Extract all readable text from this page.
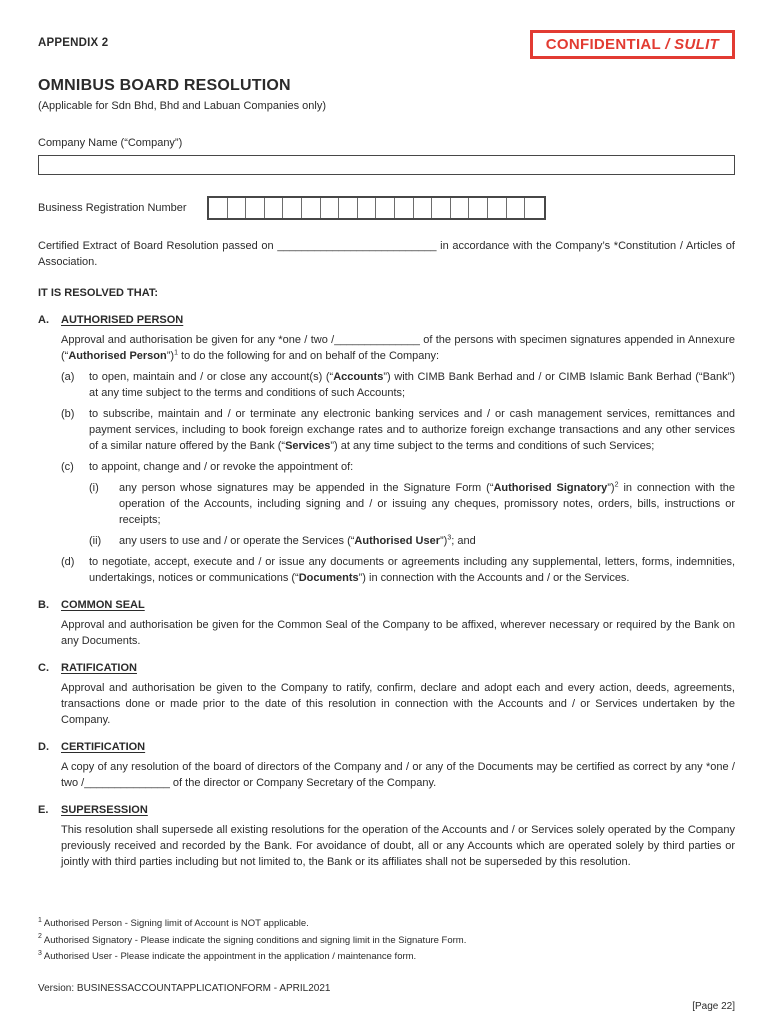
APPENDIX 2	CONFIDENTIAL / SULIT
OMNIBUS BOARD RESOLUTION
(Applicable for Sdn Bhd, Bhd and Labuan Companies only)
Company Name (“Company”)
Business Registration Number

Certified Extract of Board Resolution passed on __________________________ in accordance with the Company’s *Constitution / Articles of Association.

IT IS RESOLVED THAT:
A. AUTHORISED PERSON

Approval and authorisation be given for any *one / two /______________ of the persons with specimen signatures appended in Annexure (“Authorised Person”)$^1$ to do the following for and on behalf of the Company:

(a)	to open, maintain and / or close any account(s) (“Accounts”) with CIMB Bank Berhad and / or CIMB Islamic Bank Berhad (“Bank”) at any time subject to the terms and conditions of such Accounts;

(b)	to subscribe, maintain and / or terminate any electronic banking services and / or cash management services, remittances and payment services, including to book foreign exchange rates and to authorize foreign exchange transactions and any other services of a similar nature offered by the Bank (“Services”) at any time subject to the terms and conditions of such Services;

(c)	to appoint, change and / or revoke the appointment of:

(i)	any person whose signatures may be appended in the Signature Form (“Authorised Signatory”)$^2$ in connection with the operation of the Accounts, including signing and / or issuing any cheques, promissory notes, orders, bills, instructions or receipts;

(ii)	any users to use and / or operate the Services (“Authorised User”)$^3$; and

(d)	to negotiate, accept, execute and / or issue any documents or agreements including any supplemental, letters, forms, indemnities, undertakings, notices or communications (“Documents”) in connection with the Accounts and / or the Services.

B. COMMON SEAL

Approval and authorisation be given for the Common Seal of the Company to be affixed, wherever necessary or required by the Bank on any Documents.

C. RATIFICATION

Approval and authorisation be given to the Company to ratify, confirm, declare and adopt each and every action, deeds, agreements, transactions done or made prior to the date of this resolution in connection with the Accounts and / or Services undertaken by the Company.

D. CERTIFICATION

A copy of any resolution of the board of directors of the Company and / or any of the Documents may be certified as correct by any *one / two /______________ of the director or Company Secretary of the Company.

E. SUPERSESSION

This resolution shall supersede all existing resolutions for the operation of the Accounts and / or Services solely operated by the Company previously received and recorded by the Bank. For avoidance of doubt, all or any Accounts which are operated solely by third parties or jointly with third parties including but not limited to, the Bank or its affiliates shall not be superseded by this resolution.

$^1$ Authorised Person - Signing limit of Account is NOT applicable.
$^2$ Authorised Signatory - Please indicate the signing conditions and signing limit in the Signature Form.
$^3$ Authorised User - Please indicate the appointment in the application / maintenance form.
Version: BUSINESSACCOUNTAPPLICATIONFORM - APRIL2021
[Page 22]
